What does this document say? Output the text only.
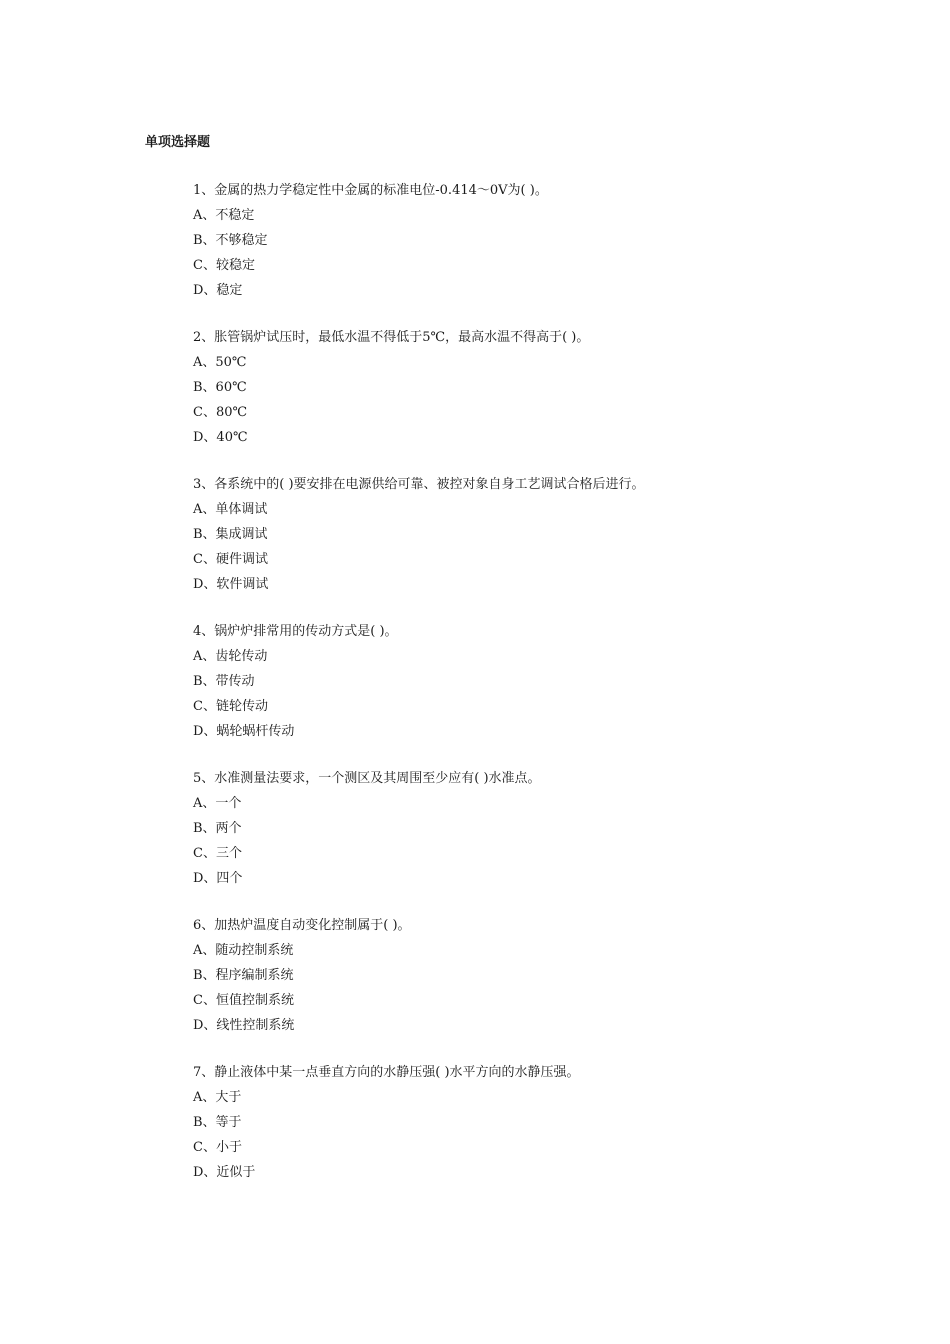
单项选择题
1、金属的热力学稳定性中金属的标准电位-0.414～0V为( )。
A、不稳定
B、不够稳定
C、较稳定
D、稳定
2、胀管锅炉试压时，最低水温不得低于5℃，最高水温不得高于( )。
A、50℃
B、60℃
C、80℃
D、40℃
3、各系统中的( )要安排在电源供给可靠、被控对象自身工艺调试合格后进行。
A、单体调试
B、集成调试
C、硬件调试
D、软件调试
4、锅炉炉排常用的传动方式是( )。
A、齿轮传动
B、带传动
C、链轮传动
D、蜗轮蜗杆传动
5、水准测量法要求，一个测区及其周围至少应有( )水准点。
A、一个
B、两个
C、三个
D、四个
6、加热炉温度自动变化控制属于( )。
A、随动控制系统
B、程序编制系统
C、恒值控制系统
D、线性控制系统
7、静止液体中某一点垂直方向的水静压强( )水平方向的水静压强。
A、大于
B、等于
C、小于
D、近似于
